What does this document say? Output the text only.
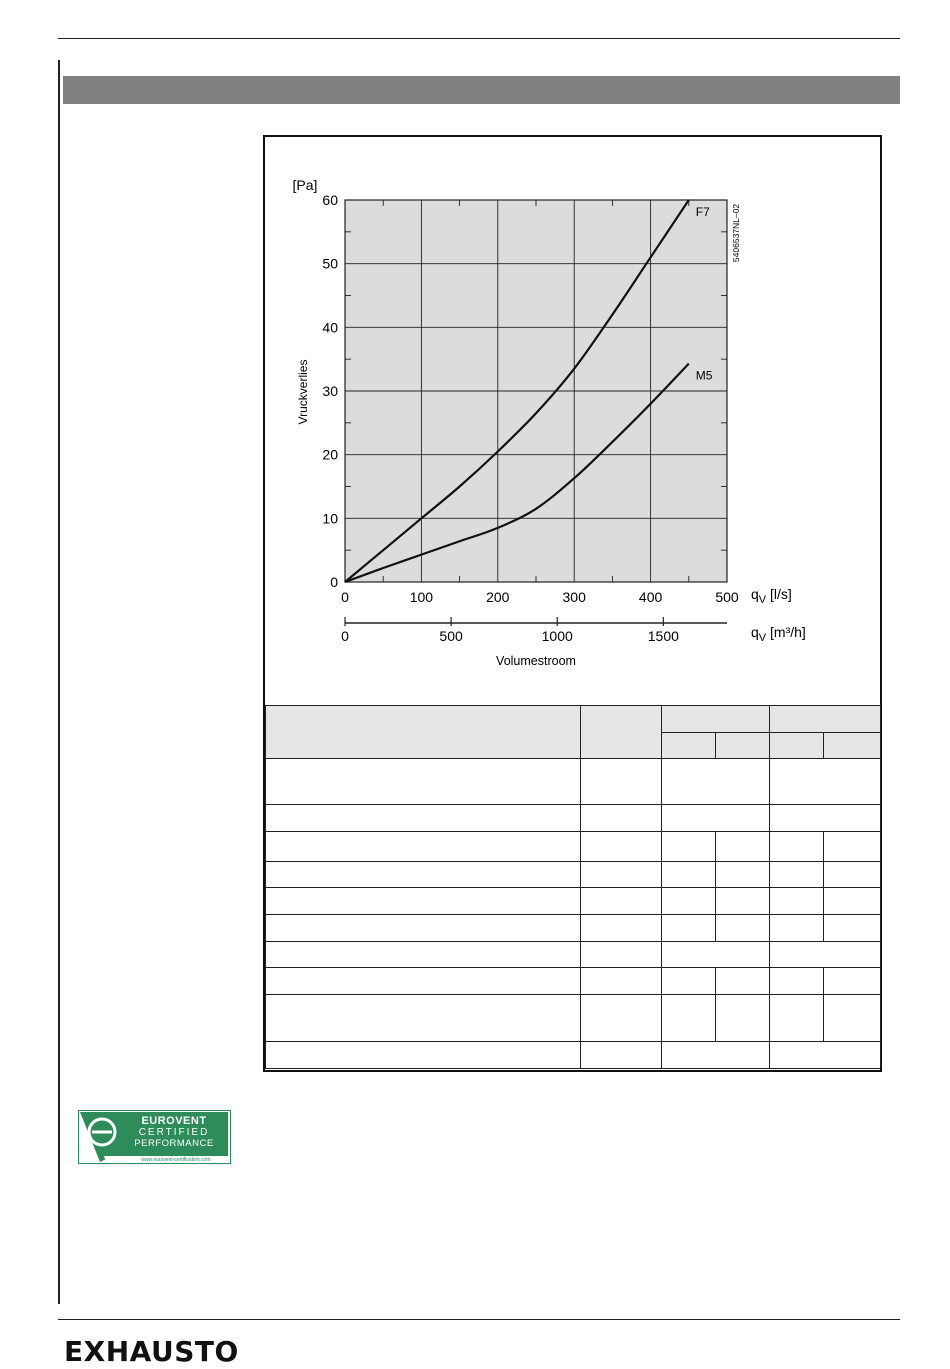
F7
M5
0
10
20
30
40
50
60
0	100	200	300	400	500
0	500	1000	1500
[Pa]
Vruckverlies
Volumestroom
5406537NL–02
$q_V$ [l/s]
$q_V$ [m³/h]

EUROVENT
CERTIFIED
PERFORMANCE
www.eurovent-certification.com
EXHAUSTO
